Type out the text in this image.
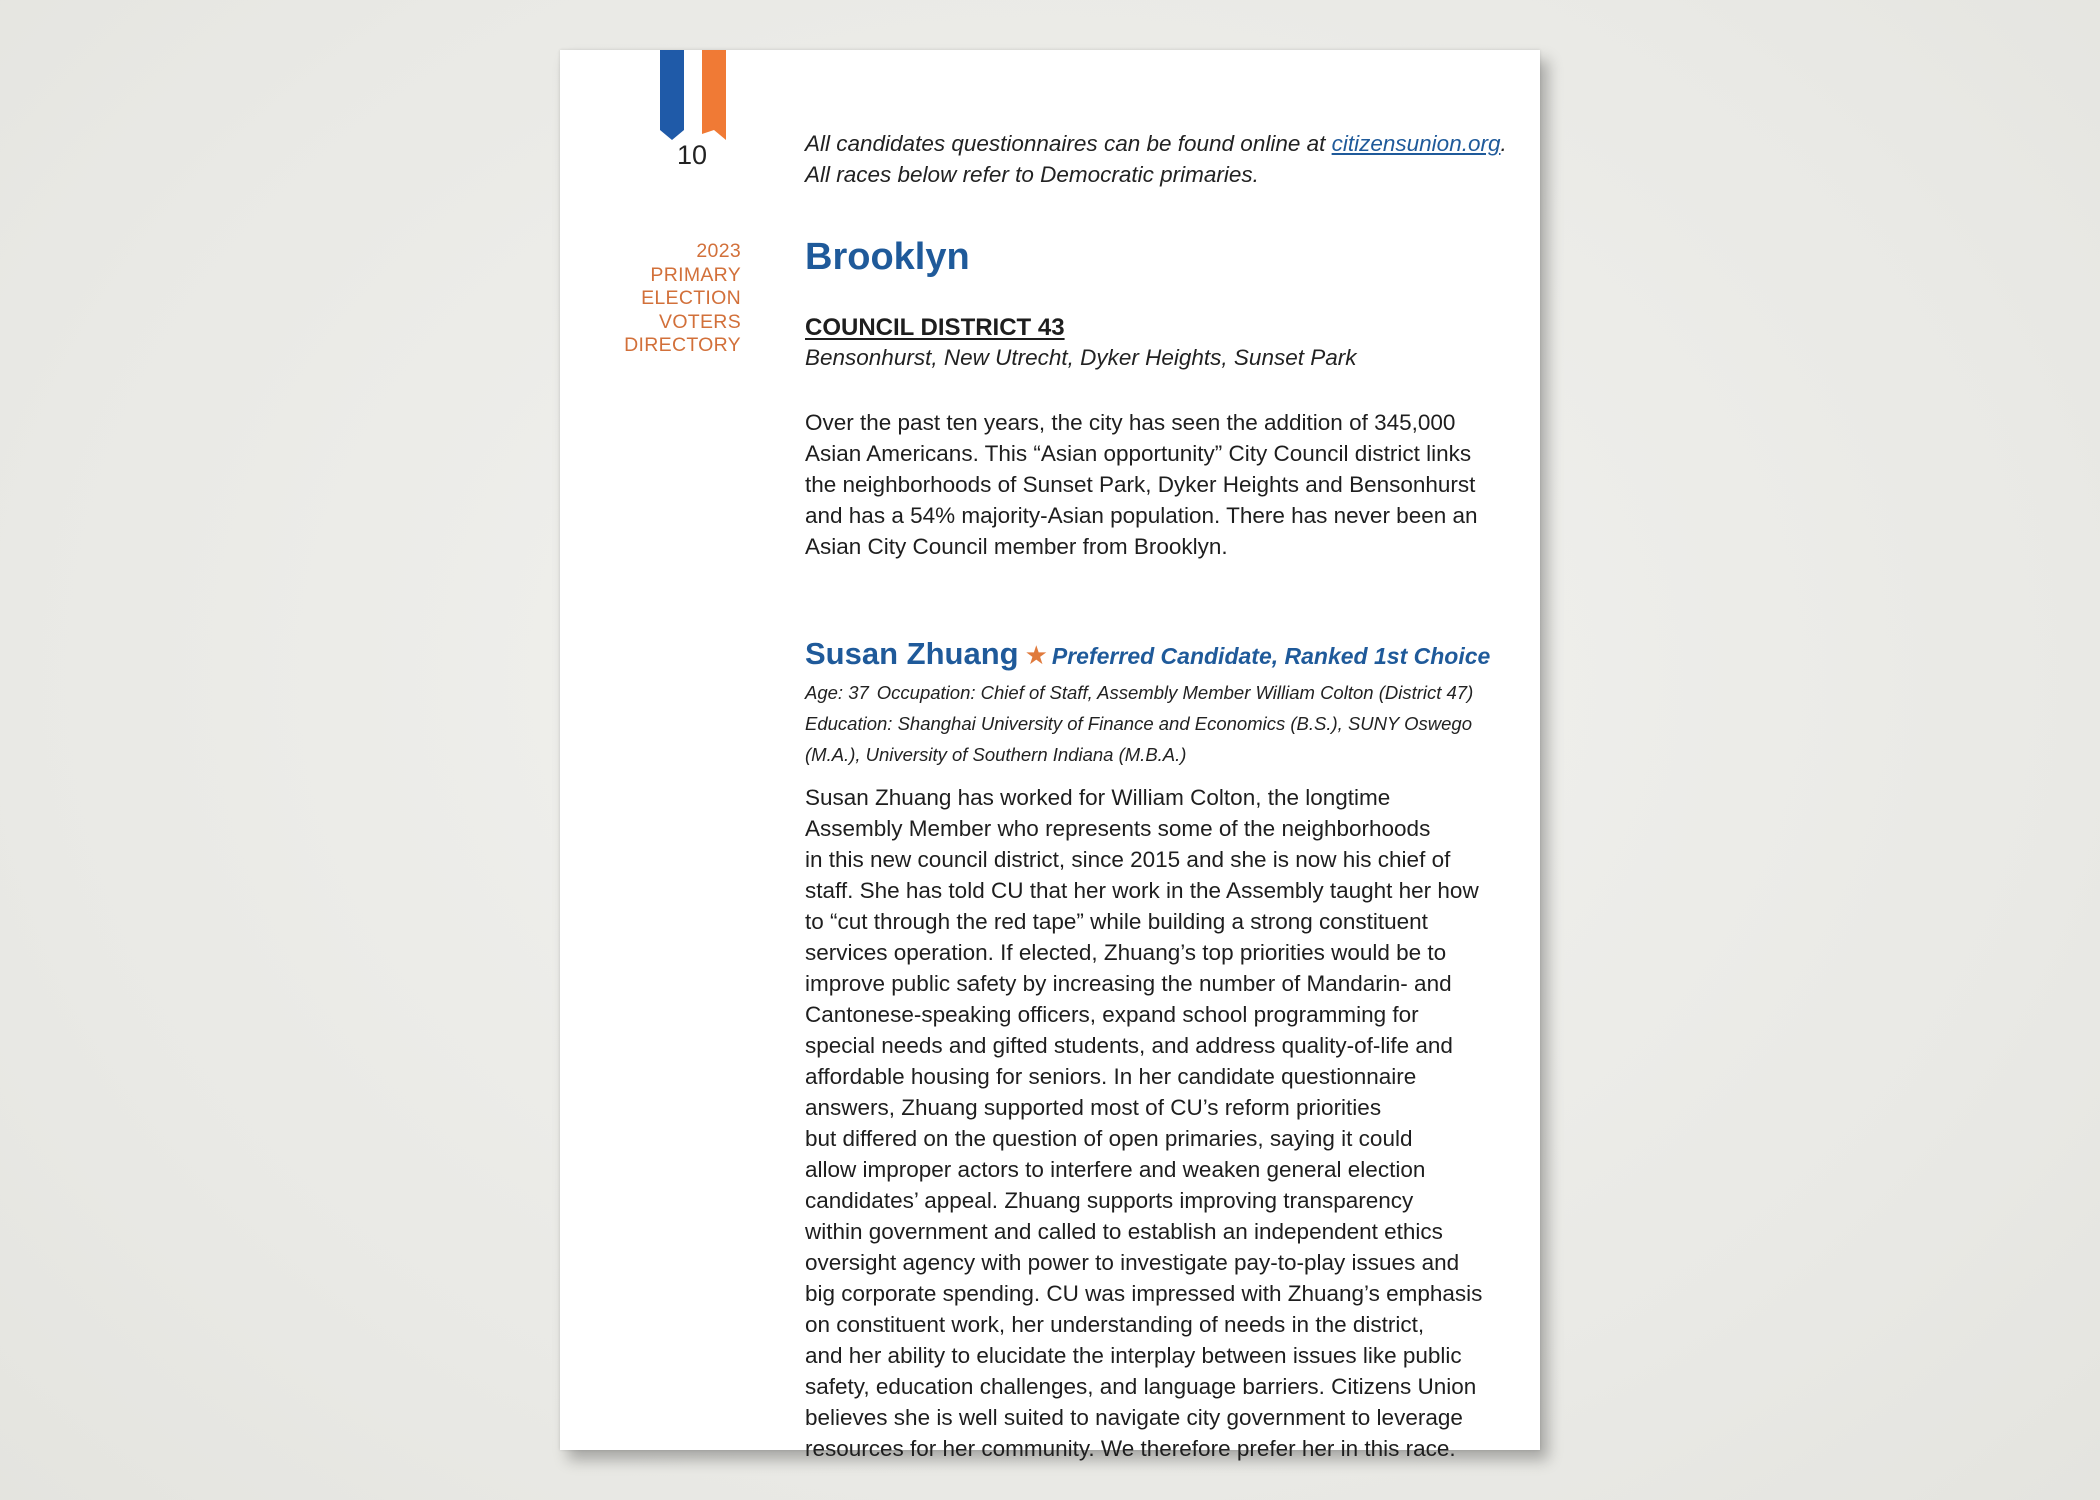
10
2023
PRIMARY
ELECTION
VOTERS
DIRECTORY
All candidates questionnaires can be found online at citizensunion.org.
All races below refer to Democratic primaries.
Brooklyn
COUNCIL DISTRICT 43
Bensonhurst, New Utrecht, Dyker Heights, Sunset Park
Over the past ten years, the city has seen the addition of 345,000
Asian Americans. This “Asian opportunity” City Council district links
the neighborhoods of Sunset Park, Dyker Heights and Bensonhurst
and has a 54% majority-Asian population. There has never been an
Asian City Council member from Brooklyn.
Susan Zhuang ★ Preferred Candidate, Ranked 1st Choice
Age: 37 Occupation: Chief of Staff, Assembly Member William Colton (District 47)
Education: Shanghai University of Finance and Economics (B.S.), SUNY Oswego
(M.A.), University of Southern Indiana (M.B.A.)
Susan Zhuang has worked for William Colton, the longtime
Assembly Member who represents some of the neighborhoods
in this new council district, since 2015 and she is now his chief of
staff. She has told CU that her work in the Assembly taught her how
to “cut through the red tape” while building a strong constituent
services operation. If elected, Zhuang’s top priorities would be to
improve public safety by increasing the number of Mandarin- and
Cantonese-speaking officers, expand school programming for
special needs and gifted students, and address quality-of-life and
affordable housing for seniors. In her candidate questionnaire
answers, Zhuang supported most of CU’s reform priorities
but differed on the question of open primaries, saying it could
allow improper actors to interfere and weaken general election
candidates’ appeal. Zhuang supports improving transparency
within government and called to establish an independent ethics
oversight agency with power to investigate pay-to-play issues and
big corporate spending. CU was impressed with Zhuang’s emphasis
on constituent work, her understanding of needs in the district,
and her ability to elucidate the interplay between issues like public
safety, education challenges, and language barriers. Citizens Union
believes she is well suited to navigate city government to leverage
resources for her community. We therefore prefer her in this race.
